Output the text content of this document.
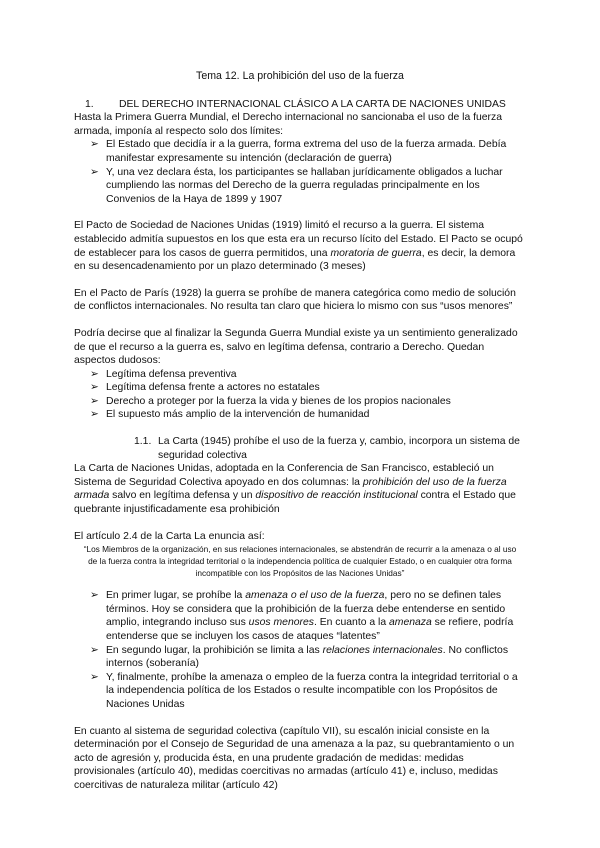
Tema 12. La prohibición del uso de la fuerza
1.	DEL DERECHO INTERNACIONAL CLÁSICO A LA CARTA DE NACIONES UNIDAS

Hasta la Primera Guerra Mundial, el Derecho internacional no sancionaba el uso de la fuerza armada, imponía al respecto solo dos límites:

➢ El Estado que decidía ir a la guerra, forma extrema del uso de la fuerza armada. Debía manifestar expresamente su intención (declaración de guerra)
➢ Y, una vez declara ésta, los participantes se hallaban jurídicamente obligados a luchar cumpliendo las normas del Derecho de la guerra reguladas principalmente en los Convenios de la Haya de 1899 y 1907

El Pacto de Sociedad de Naciones Unidas (1919) limitó el recurso a la guerra. El sistema establecido admitía supuestos en los que esta era un recurso lícito del Estado. El Pacto se ocupó de establecer para los casos de guerra permitidos, una moratoria de guerra, es decir, la demora en su desencadenamiento por un plazo determinado (3 meses)

En el Pacto de París (1928) la guerra se prohíbe de manera categórica como medio de solución de conflictos internacionales. No resulta tan claro que hiciera lo mismo con sus “usos menores”

Podría decirse que al finalizar la Segunda Guerra Mundial existe ya un sentimiento generalizado de que el recurso a la guerra es, salvo en legítima defensa, contrario a Derecho. Quedan aspectos dudosos:

➢ Legítima defensa preventiva
➢ Legítima defensa frente a actores no estatales
➢ Derecho a proteger por la fuerza la vida y bienes de los propios nacionales
➢ El supuesto más amplio de la intervención de humanidad
1.1. La Carta (1945) prohíbe el uso de la fuerza y, cambio, incorpora un sistema de seguridad colectiva

La Carta de Naciones Unidas, adoptada en la Conferencia de San Francisco, estableció un Sistema de Seguridad Colectiva apoyado en dos columnas: la prohibición del uso de la fuerza armada salvo en legítima defensa y un dispositivo de reacción institucional contra el Estado que quebrante injustificadamente esa prohibición

El artículo 2.4 de la Carta La enuncia así:

“Los Miembros de la organización, en sus relaciones internacionales, se abstendrán de recurrir a la amenaza o al uso de la fuerza contra la integridad territorial o la independencia política de cualquier Estado, o en cualquier otra forma incompatible con los Propósitos de las Naciones Unidas”

➢ En primer lugar, se prohíbe la amenaza o el uso de la fuerza, pero no se definen tales términos. Hoy se considera que la prohibición de la fuerza debe entenderse en sentido amplio, integrando incluso sus usos menores. En cuanto a la amenaza se refiere, podría entenderse que se incluyen los casos de ataques “latentes”
➢ En segundo lugar, la prohibición se limita a las relaciones internacionales. No conflictos internos (soberanía)
➢ Y, finalmente, prohíbe la amenaza o empleo de la fuerza contra la integridad territorial o a la independencia política de los Estados o resulte incompatible con los Propósitos de Naciones Unidas

En cuanto al sistema de seguridad colectiva (capítulo VII), su escalón inicial consiste en la determinación por el Consejo de Seguridad de una amenaza a la paz, su quebrantamiento o un acto de agresión y, producida ésta, en una prudente gradación de medidas: medidas provisionales (artículo 40), medidas coercitivas no armadas (artículo 41) e, incluso, medidas coercitivas de naturaleza militar (artículo 42)
